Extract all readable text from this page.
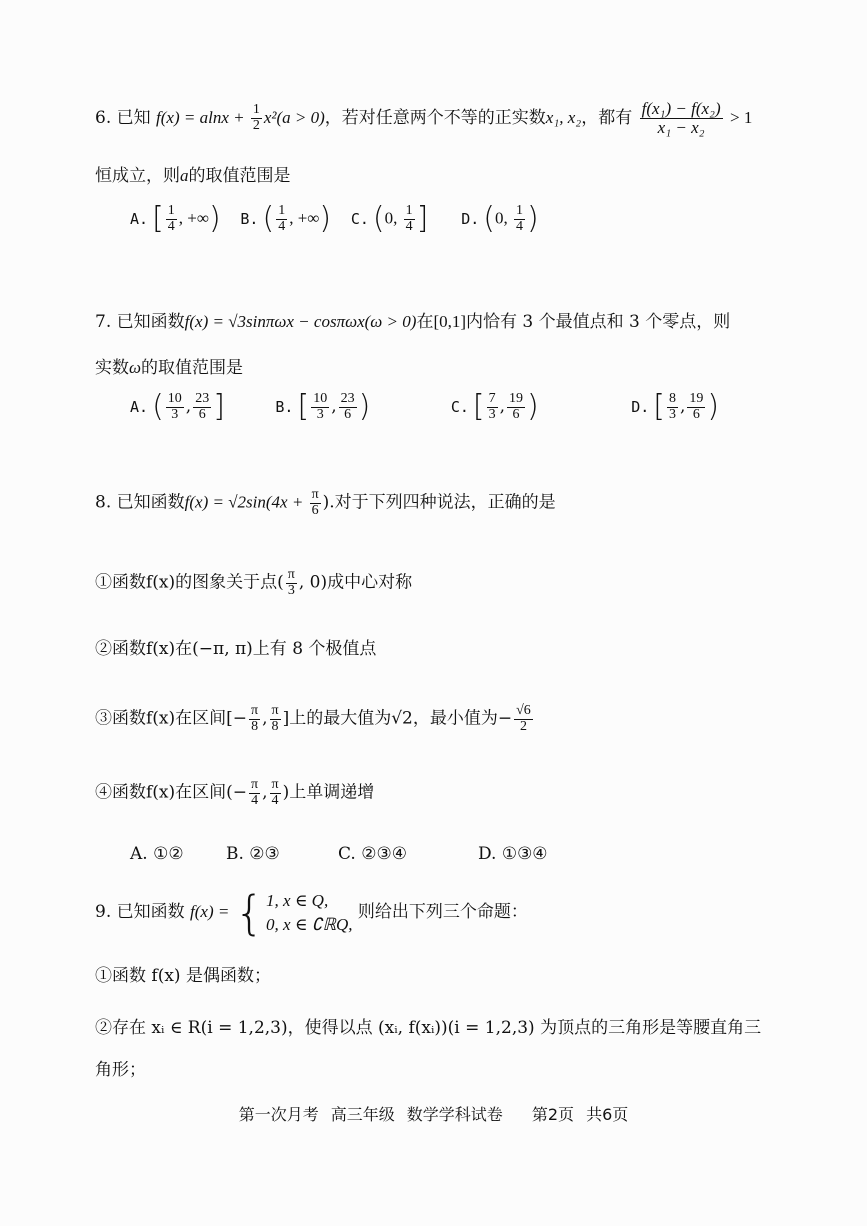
6. 已知 $f(x) = alnx + \frac{1}{2} x^2(a > 0)$，若对任意两个不等的正实数x₁, x₂，都有 $\frac{\text{f(x₁) − f(x₂)}}{\text{x₁ − x₂}} > 1$
恒成立，则a的取值范围是
A. [ $\frac{1}{4}$ , +∞) B. ( $\frac{1}{4}$ , +∞) C. (0, $\frac{1}{4}$ ] D. (0, $\frac{1}{4}$ )
7. 已知函数f(x) = √3sinπωx − cosπωx(ω > 0)在[0,1]内恰有 3 个最值点和 3 个零点，则
实数ω的取值范围是
A. ( $\frac{10}{3}$ , $\frac{23}{6}$ ]	B. [ $\frac{10}{3}$ , $\frac{23}{6}$ )	C. [ $\frac{7}{3}$ , $\frac{19}{6}$ )	D. [ $\frac{8}{3}$ , $\frac{19}{6}$ )
8. 已知函数$f(x) = √2\sin(4x + \frac{\pi}{6}$ ).对于下列四种说法，正确的是
①函数f(x)的图象关于点( $\frac{\pi}{3}$ , 0)成中心对称
②函数f(x)在(−π, π)上有 8 个极值点
③函数f(x)在区间[− $\frac{\pi}{8}$ , $\frac{\pi}{8}$ ]上的最大值为√2，最小值为− $\frac{√6}{2}$
④函数f(x)在区间(− $\frac{\pi}{4}$ , $\frac{\pi}{4}$ )上单调递增
A. ①② B. ②③	C. ②③④	D. ①③④
9. 已知函数 f(x) = { 1, x ∈ Q,
0, x ∈ ∁ℝQ,
则给出下列三个命题：
①函数 f(x) 是偶函数；
②存在 xᵢ ∈ R(i = 1,2,3)，使得以点 (xᵢ, f(xᵢ))(i = 1,2,3) 为顶点的三角形是等腰直角三
角形；
第一次月考 高三年级 数学学科试卷 第2页 共6页
